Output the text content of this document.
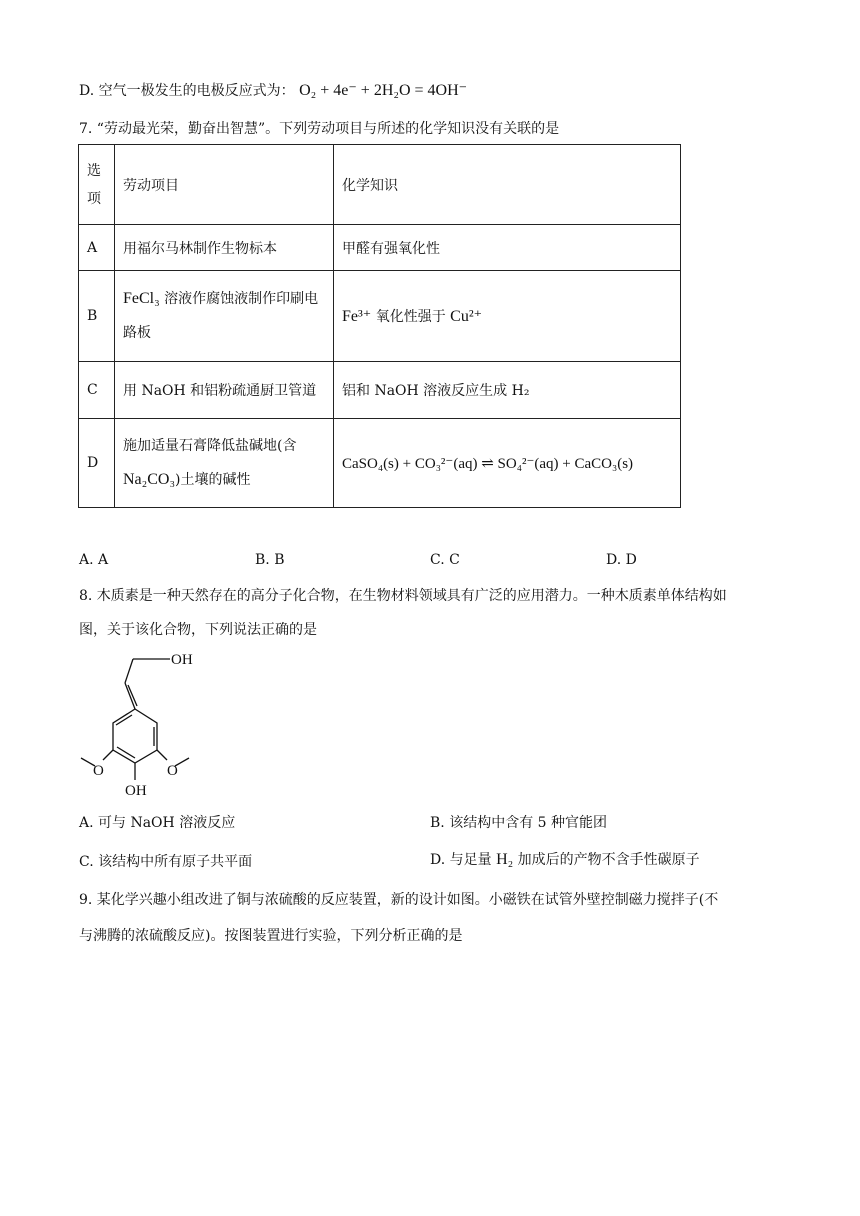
D. 空气一极发生的电极反应式为： O₂ + 4e⁻ + 2H₂O = 4OH⁻
7. “劳动最光荣，勤奋出智慧”。下列劳动项目与所述的化学知识没有关联的是
选项	劳动项目	化学知识
A	用福尔马林制作生物标本	甲醛有强氧化性
B	FeCl₃ 溶液作腐蚀液制作印刷电路板	Fe³⁺ 氧化性强于 Cu²⁺
C	用 NaOH 和铝粉疏通厨卫管道	铝和 NaOH 溶液反应生成 H₂
D	施加适量石膏降低盐碱地(含
Na₂CO₃)土壤的碱性	CaSO₄(s) + CO₃²⁻(aq) ⇌ SO₄²⁻(aq) + CaCO₃(s)
A. A	B. B	C. C	D. D
8. 木质素是一种天然存在的高分子化合物，在生物材料领域具有广泛的应用潜力。一种木质素单体结构如
图，关于该化合物，下列说法正确的是
OH
OH
O	O
A. 可与 NaOH 溶液反应	B. 该结构中含有 5 种官能团
C. 该结构中所有原子共平面	D. 与足量 H₂ 加成后的产物不含手性碳原子
9. 某化学兴趣小组改进了铜与浓硫酸的反应装置，新的设计如图。小磁铁在试管外壁控制磁力搅拌子(不
与沸腾的浓硫酸反应)。按图装置进行实验，下列分析正确的是
